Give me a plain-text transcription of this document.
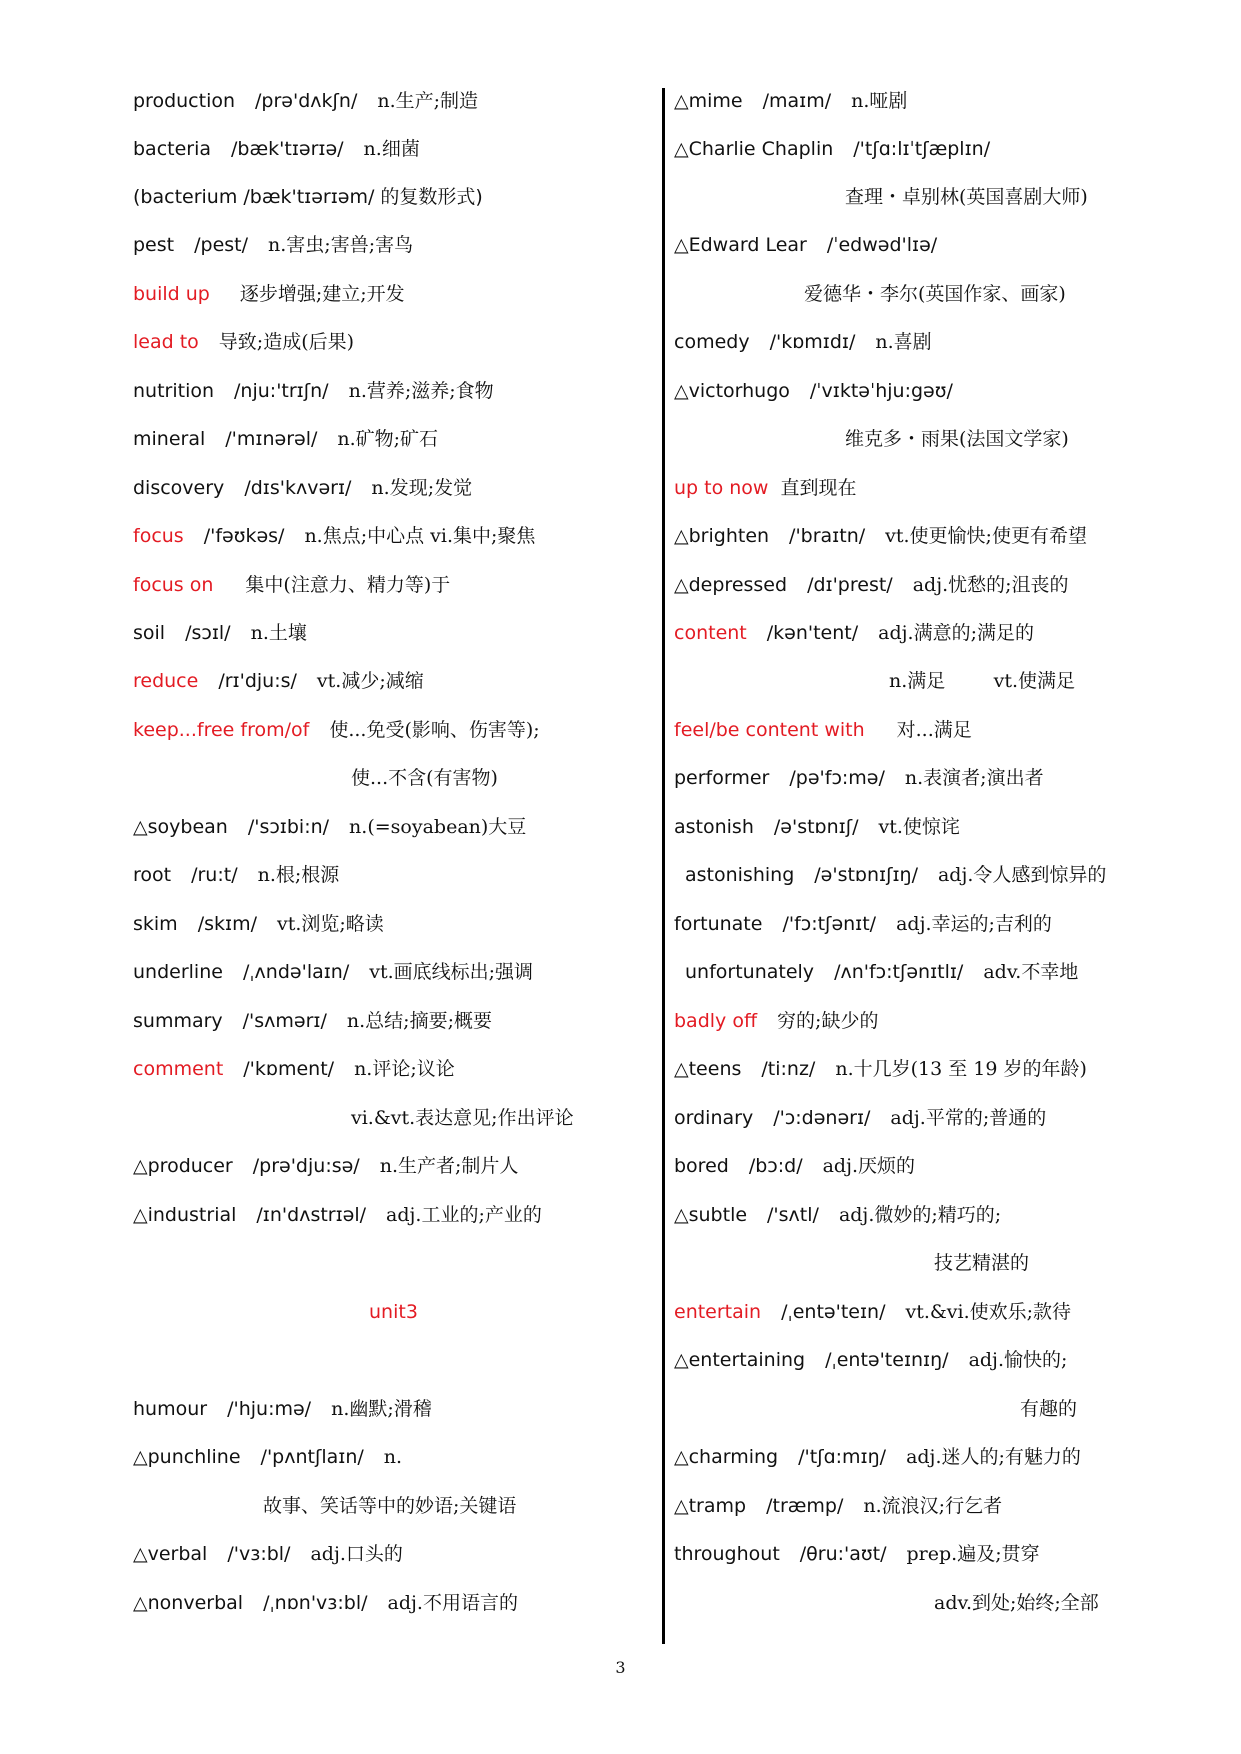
production /prə'dʌkʃn/ n.生产;制造
bacteria /bæk'tɪərɪə/ n.细菌
(bacterium /bæk'tɪərɪəm/ 的复数形式)
pest /pest/ n.害虫;害兽;害鸟
build up 逐步增强;建立;开发
lead to 导致;造成(后果)
nutrition /nju:'trɪʃn/ n.营养;滋养;食物
mineral /'mɪnərəl/ n.矿物;矿石
discovery /dɪs'kʌvərɪ/ n.发现;发觉
focus /'fəʊkəs/ n.焦点;中心点 vi.集中;聚焦
focus on 集中(注意力、精力等)于
soil /sɔɪl/ n.土壤
reduce /rɪ'dju:s/ vt.减少;减缩
keep...free from/of 使...免受(影响、伤害等);
使...不含(有害物)
△soybean /'sɔɪbi:n/ n.(=soyabean)大豆
root /ru:t/ n.根;根源
skim /skɪm/ vt.浏览;略读
underline /ˌʌndə'laɪn/ vt.画底线标出;强调
summary /'sʌmərɪ/ n.总结;摘要;概要
comment /'kɒment/ n.评论;议论
vi.&vt.表达意见;作出评论
△producer /prə'dju:sə/ n.生产者;制片人
△industrial /ɪn'dʌstrɪəl/ adj.工业的;产业的
unit3
humour /'hju:mə/ n.幽默;滑稽
△punchline /'pʌntʃlaɪn/ n.
故事、笑话等中的妙语;关键语
△verbal /'vɜ:bl/ adj.口头的
△nonverbal /ˌnɒn'vɜ:bl/ adj.不用语言的
△mime /maɪm/ n.哑剧
△Charlie Chaplin /'tʃɑ:lɪˈtʃæplɪn/
查理・卓别林(英国喜剧大师)
△Edward Lear /ˈedwəd'lɪə/
爱德华・李尔(英国作家、画家)
comedy /'kɒmɪdɪ/ n.喜剧
△victorhugo /ˈvɪktəˈhju:gəʊ/
维克多・雨果(法国文学家)
up to now 直到现在
△brighten /'braɪtn/ vt.使更愉快;使更有希望
△depressed /dɪ'prest/ adj.忧愁的;沮丧的
content /kən'tent/ adj.满意的;满足的
n.满足        vt.使满足
feel/be content with 对...满足
performer /pə'fɔ:mə/ n.表演者;演出者
astonish /ə'stɒnɪʃ/ vt.使惊诧
astonishing /ə'stɒnɪʃɪŋ/ adj.令人感到惊异的
fortunate /'fɔ:tʃənɪt/ adj.幸运的;吉利的
unfortunately /ʌn'fɔ:tʃənɪtlɪ/ adv.不幸地
badly off 穷的;缺少的
△teens /ti:nz/ n.十几岁(13 至 19 岁的年龄)
ordinary /'ɔ:dənərɪ/ adj.平常的;普通的
bored /bɔ:d/ adj.厌烦的
△subtle /'sʌtl/ adj.微妙的;精巧的;
技艺精湛的
entertain /ˌentə'teɪn/ vt.&vi.使欢乐;款待
△entertaining /ˌentə'teɪnɪŋ/ adj.愉快的;
有趣的
△charming /'tʃɑ:mɪŋ/ adj.迷人的;有魅力的
△tramp /træmp/ n.流浪汉;行乞者
throughout /θru:'aʊt/ prep.遍及;贯穿
adv.到处;始终;全部
3
